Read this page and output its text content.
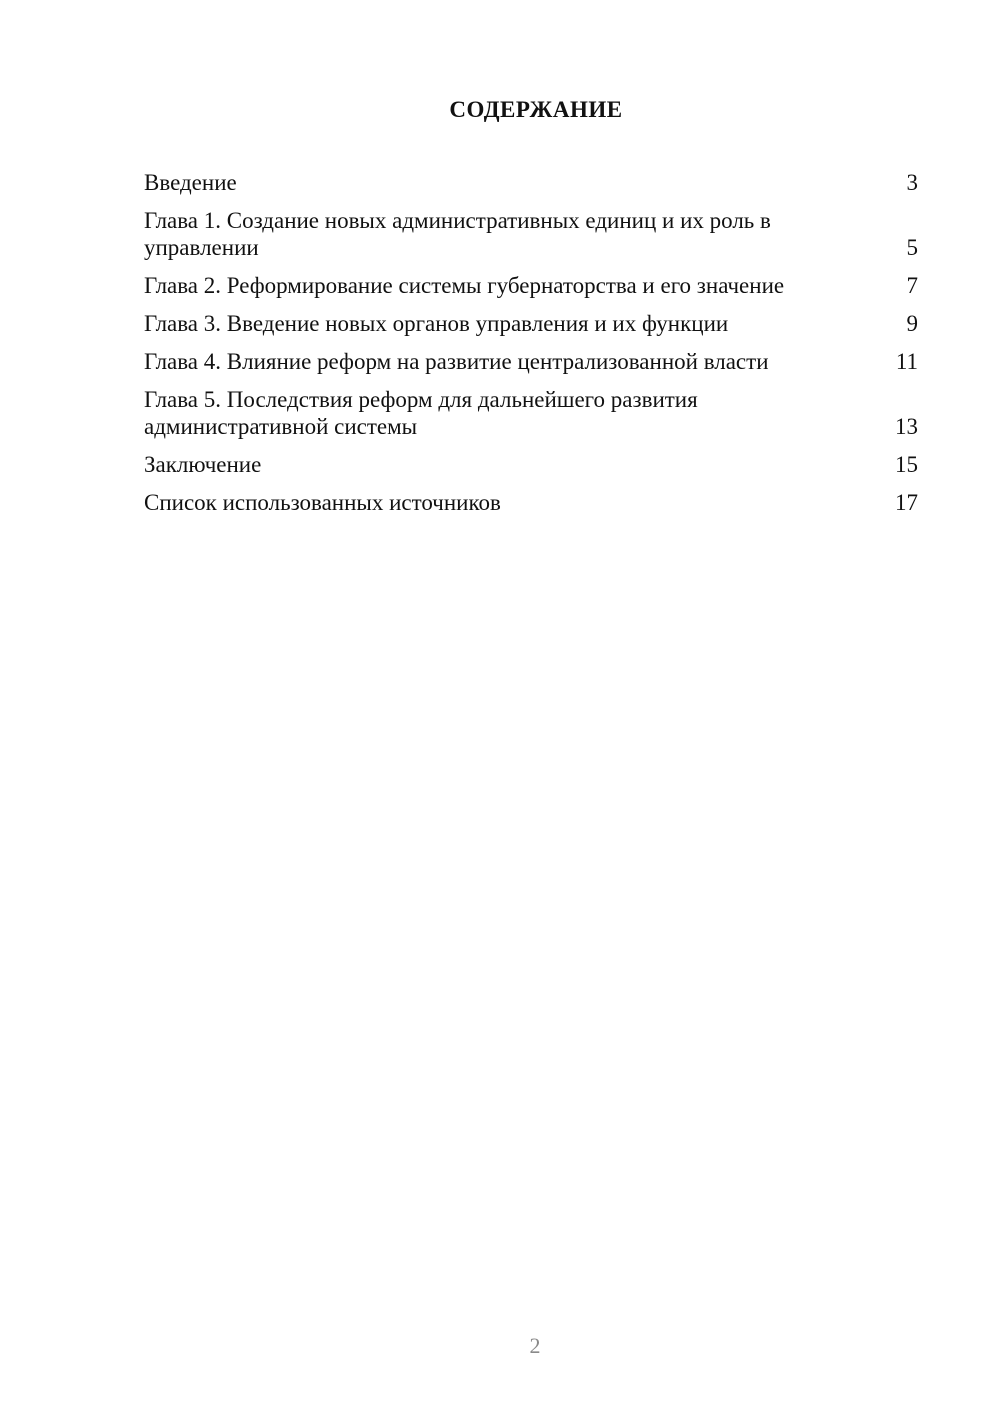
СОДЕРЖАНИЕ
Введение	3
Глава 1. Создание новых административных единиц и их роль в управлении	5
Глава 2. Реформирование системы губернаторства и его значение	7
Глава 3. Введение новых органов управления и их функции	9
Глава 4. Влияние реформ на развитие централизованной власти	11
Глава 5. Последствия реформ для дальнейшего развития административной системы	13
Заключение	15
Список использованных источников	17
2
